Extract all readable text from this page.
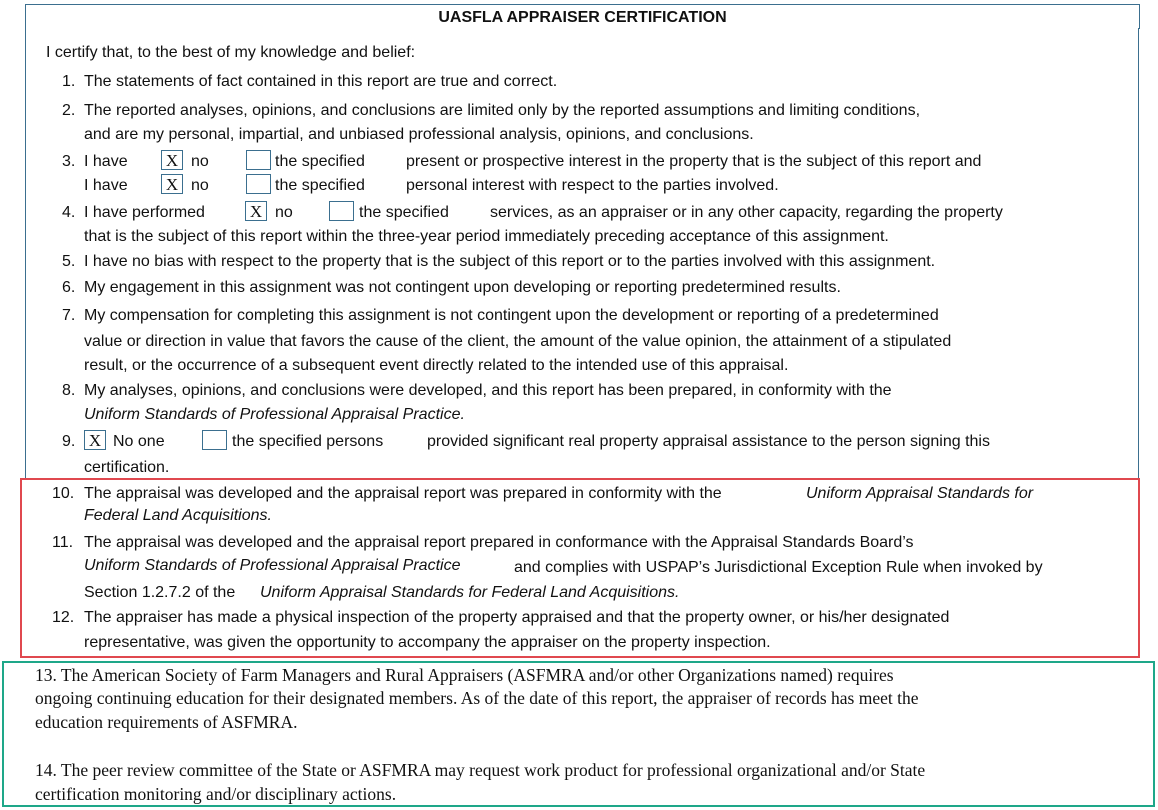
UASFLA APPRAISER CERTIFICATION
I certify that, to the best of my knowledge and belief:
1. The statements of fact contained in this report are true and correct.
2. The reported analyses, opinions, and conclusions are limited only by the reported assumptions and limiting conditions,
and are my personal, impartial, and unbiased professional analysis, opinions, and conclusions.
3. I have X no	the specified	present or prospective interest in the property that is the subject of this report and
I have X no	the specified	personal interest with respect to the parties involved.
4. I have performed	X no	the specified	services, as an appraiser or in any other capacity, regarding the property
that is the subject of this report within the three-year period immediately preceding acceptance of this assignment.
5. I have no bias with respect to the property that is the subject of this report or to the parties involved with this assignment.
6. My engagement in this assignment was not contingent upon developing or reporting predetermined results.
7. My compensation for completing this assignment is not contingent upon the development or reporting of a predetermined
value or direction in value that favors the cause of the client, the amount of the value opinion, the attainment of a stipulated
result, or the occurrence of a subsequent event directly related to the intended use of this appraisal.
8. My analyses, opinions, and conclusions were developed, and this report has been prepared, in conformity with the
Uniform Standards of Professional Appraisal Practice.
9. X No one	the specified persons	provided significant real property appraisal assistance to the person signing this
certification.
10. The appraisal was developed and the appraisal report was prepared in conformity with the	Uniform Appraisal Standards for
Federal Land Acquisitions.
11. The appraisal was developed and the appraisal report prepared in conformance with the Appraisal Standards Board’s
Uniform Standards of Professional Appraisal Practice	and complies with USPAP’s Jurisdictional Exception Rule when invoked by
Section 1.2.7.2 of the Uniform Appraisal Standards for Federal Land Acquisitions.
12. The appraiser has made a physical inspection of the property appraised and that the property owner, or his/her designated
representative, was given the opportunity to accompany the appraiser on the property inspection.
13. The American Society of Farm Managers and Rural Appraisers (ASFMRA and/or other Organizations named) requires
ongoing continuing education for their designated members. As of the date of this report, the appraiser of records has meet the
education requirements of ASFMRA.
14. The peer review committee of the State or ASFMRA may request work product for professional organizational and/or State
certification monitoring and/or disciplinary actions.
